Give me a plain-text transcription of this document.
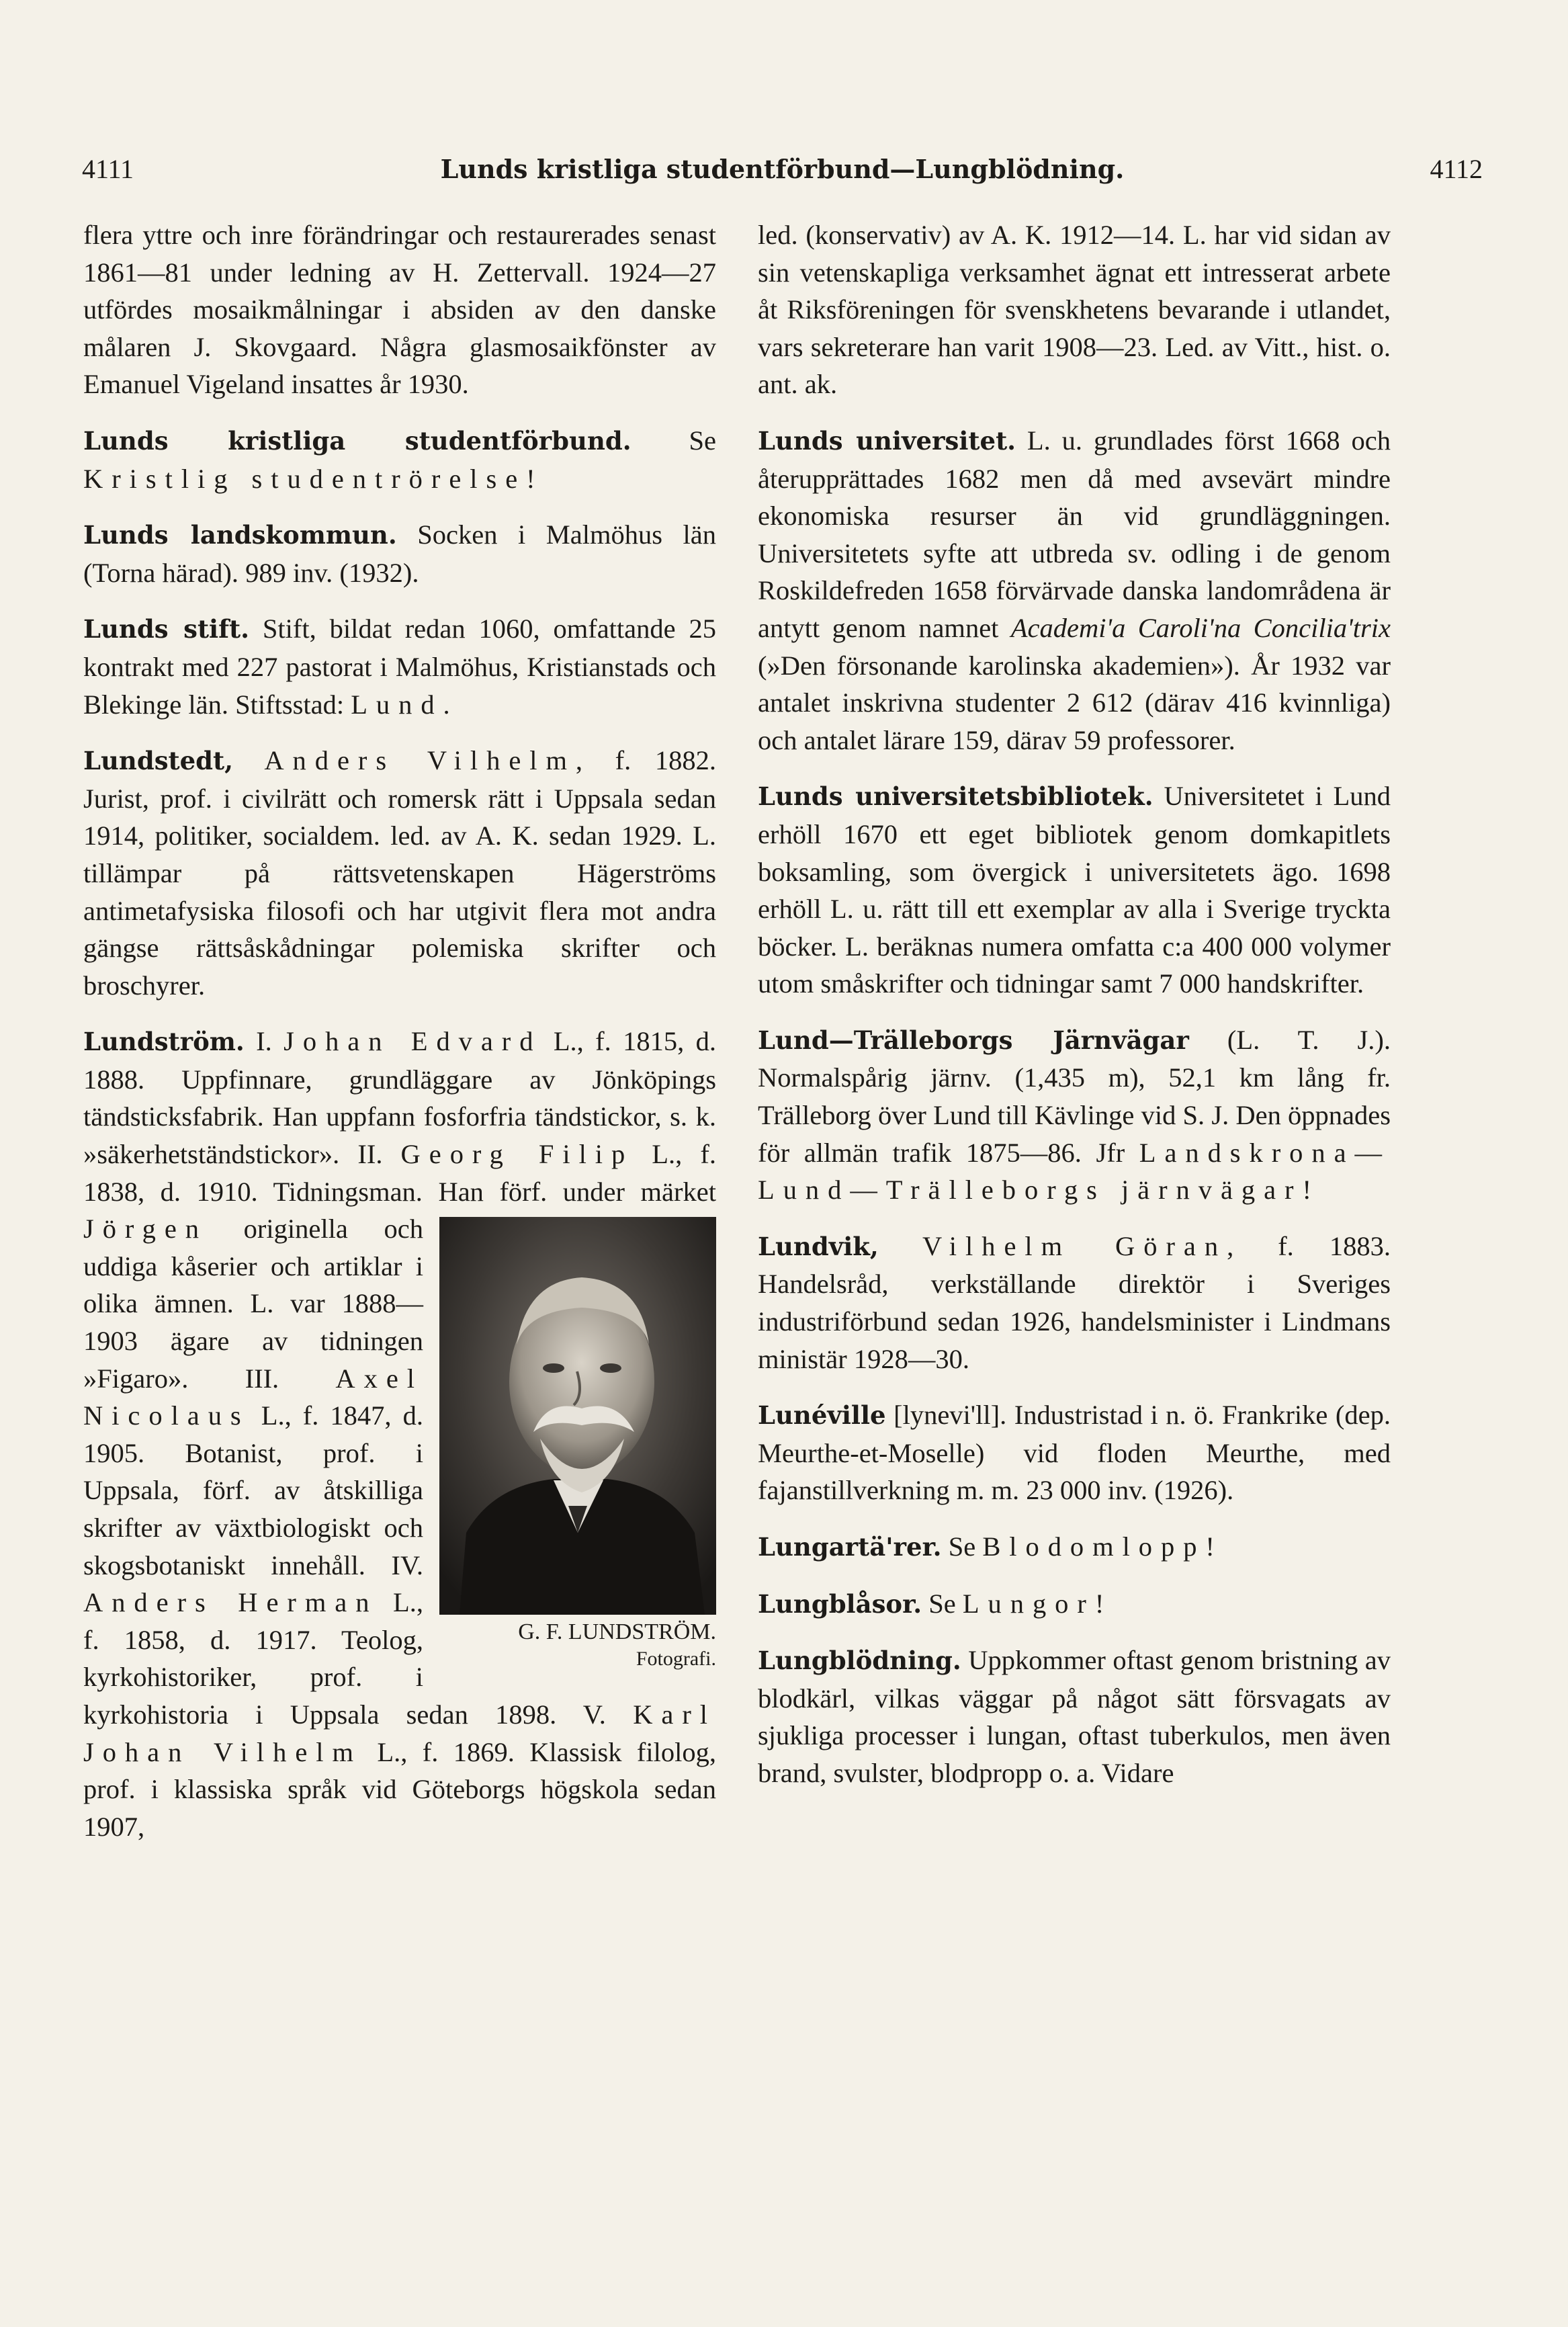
4111	Lunds kristliga studentförbund—Lungblödning.	4112

flera yttre och inre förändringar och restaurerades senast 1861—81 under ledning av H. Zettervall. 1924—27 utfördes mosaikmålningar i absiden av den danske målaren J. Skovgaard. Några glasmosaikfönster av Emanuel Vigeland insattes år 1930.

Lunds kristliga studentförbund. Se Kristlig studentrörelse!

Lunds landskommun. Socken i Malmöhus län (Torna härad). 989 inv. (1932).

Lunds stift. Stift, bildat redan 1060, omfattande 25 kontrakt med 227 pastorat i Malmöhus, Kristianstads och Blekinge län. Stiftsstad: Lund.

Lundstedt, Anders Vilhelm, f. 1882. Jurist, prof. i civilrätt och romersk rätt i Uppsala sedan 1914, politiker, socialdem. led. av A. K. sedan 1929. L. tillämpar på rättsvetenskapen Hägerströms antimetafysiska filosofi och har utgivit flera mot andra gängse rättsåskådningar polemiska skrifter och broschyrer.

Lundström. I. Johan Edvard L., f. 1815, d. 1888. Uppfinnare, grundläggare av Jönköpings tändsticksfabrik. Han uppfann fosforfria tändstickor, s. k. »säkerhetständstickor». II. Georg Filip L., f. 1838, d. 1910. Tidningsman. Han förf. under märket
G. F. LUNDSTRÖM.
Fotografi.
Jörgen originella och uddiga kåserier och artiklar i olika ämnen. L. var 1888—1903 ägare av tidningen »Figaro». III. Axel Nicolaus L., f. 1847, d. 1905. Botanist, prof. i Uppsala, förf. av åtskilliga skrifter av växtbiologiskt och skogsbotaniskt innehåll. IV. Anders Herman L., f. 1858, d. 1917. Teolog, kyrkohistoriker, prof. i kyrkohistoria i Uppsala sedan 1898. V. Karl Johan Vilhelm L., f. 1869. Klassisk filolog, prof. i klassiska språk vid Göteborgs högskola sedan 1907,

led. (konservativ) av A. K. 1912—14. L. har vid sidan av sin vetenskapliga verksamhet ägnat ett intresserat arbete åt Riksföreningen för svenskhetens bevarande i utlandet, vars sekreterare han varit 1908—23. Led. av Vitt., hist. o. ant. ak.

Lunds universitet. L. u. grundlades först 1668 och återupprättades 1682 men då med avsevärt mindre ekonomiska resurser än vid grundläggningen. Universitetets syfte att utbreda sv. odling i de genom Roskildefreden 1658 förvärvade danska landområdena är antytt genom namnet Academi'a Caroli'na Concilia'trix (»Den försonande karolinska akademien»). År 1932 var antalet inskrivna studenter 2 612 (därav 416 kvinnliga) och antalet lärare 159, därav 59 professorer.

Lunds universitetsbibliotek. Universitetet i Lund erhöll 1670 ett eget bibliotek genom domkapitlets boksamling, som övergick i universitetets ägo. 1698 erhöll L. u. rätt till ett exemplar av alla i Sverige tryckta böcker. L. beräknas numera omfatta c:a 400 000 volymer utom småskrifter och tidningar samt 7 000 handskrifter.

Lund—Trälleborgs Järnvägar (L. T. J.). Normalspårig järnv. (1,435 m), 52,1 km lång fr. Trälleborg över Lund till Kävlinge vid S. J. Den öppnades för allmän trafik 1875—86. Jfr Landskrona—Lund—Trälleborgs järnvägar!

Lundvik, Vilhelm Göran, f. 1883. Handelsråd, verkställande direktör i Sveriges industriförbund sedan 1926, handelsminister i Lindmans ministär 1928—30.

Lunéville [lynevi'll]. Industristad i n. ö. Frankrike (dep. Meurthe-et-Moselle) vid floden Meurthe, med fajanstillverkning m. m. 23 000 inv. (1926).

Lungartä'rer. Se Blodomlopp!

Lungblåsor. Se Lungor!

Lungblödning. Uppkommer oftast genom bristning av blodkärl, vilkas väggar på något sätt försvagats av sjukliga processer i lungan, oftast tuberkulos, men även brand, svulster, blodpropp o. a. Vidare
